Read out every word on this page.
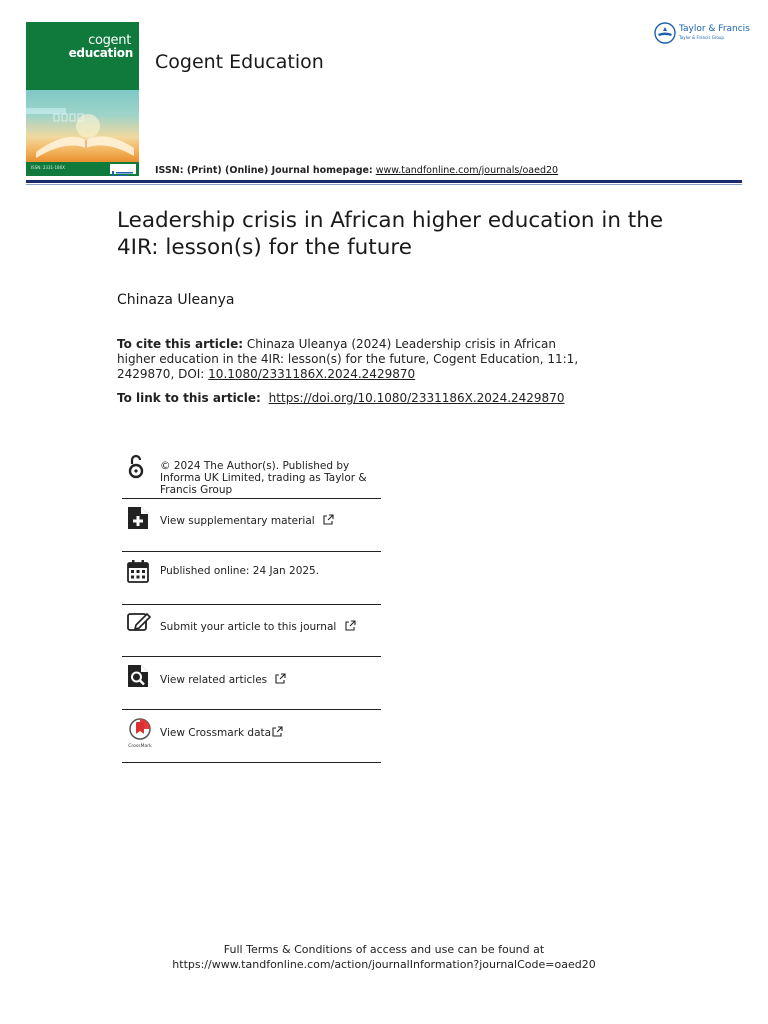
cogent
education
ISSN: 2331-186X
Cogent Education
Taylor & Francis
Taylor & Francis Group
ISSN: (Print) (Online) Journal homepage: www.tandfonline.com/journals/oaed20
Leadership crisis in African higher education in the 4IR: lesson(s) for the future
Chinaza Uleanya
To cite this article: Chinaza Uleanya (2024) Leadership crisis in African higher education in the 4IR: lesson(s) for the future, Cogent Education, 11:1, 2429870, DOI: 10.1080/2331186X.2024.2429870
To link to this article: https://doi.org/10.1080/2331186X.2024.2429870
© 2024 The Author(s). Published by Informa UK Limited, trading as Taylor & Francis Group
View supplementary material
Published online: 24 Jan 2025.
Submit your article to this journal
View related articles
CrossMark
View Crossmark data
Full Terms & Conditions of access and use can be found at
https://www.tandfonline.com/action/journalInformation?journalCode=oaed20
